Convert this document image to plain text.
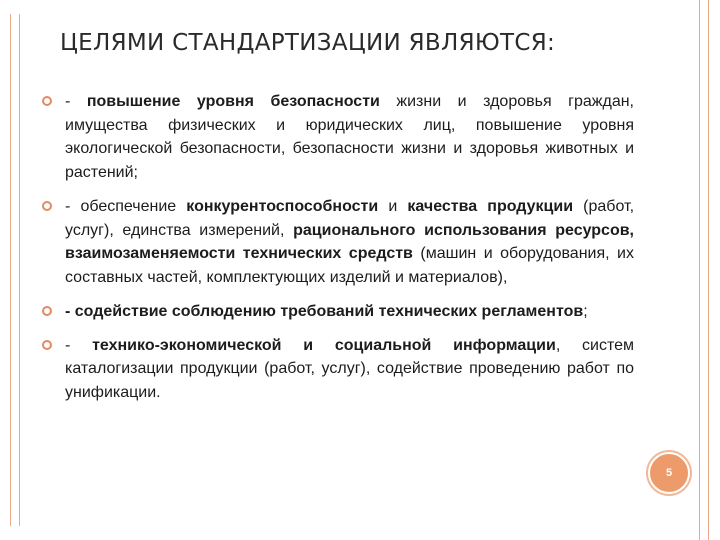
ЦЕЛЯМИ СТАНДАРТИЗАЦИИ ЯВЛЯЮТСЯ:
- повышение уровня безопасности жизни и здоровья граждан, имущества физических и юридических лиц, повышение уровня экологической безопасности, безопасности жизни и здоровья животных и растений;
- обеспечение конкурентоспособности и качества продукции (работ, услуг), единства измерений, рационального использования ресурсов, взаимозаменяемости технических средств (машин и оборудования, их составных частей, комплектующих изделий и материалов),
- содействие соблюдению требований технических регламентов;
- технико-экономической и социальной информации, систем каталогизации продукции (работ, услуг), содействие проведению работ по унификации.
5
